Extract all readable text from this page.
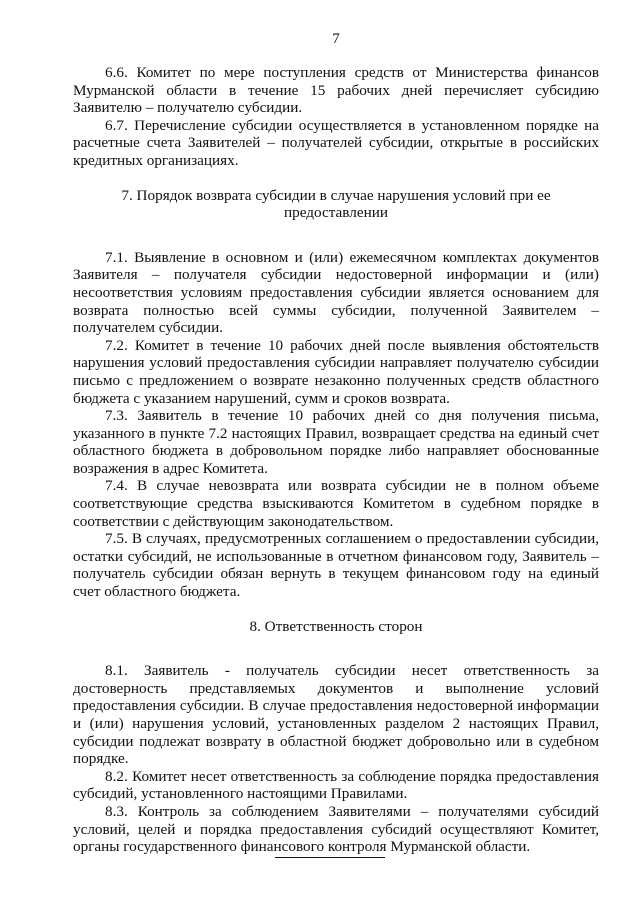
7

6.6. Комитет по мере поступления средств от Министерства финансов Мурманской области в течение 15 рабочих дней перечисляет субсидию Заявителю – получателю субсидии.

6.7. Перечисление субсидии осуществляется в установленном порядке на расчетные счета Заявителей – получателей субсидии, открытые в российских кредитных организациях.

7. Порядок возврата субсидии в случае нарушения условий при ее предоставлении

7.1. Выявление в основном и (или) ежемесячном комплектах документов Заявителя – получателя субсидии недостоверной информации и (или) несоответствия условиям предоставления субсидии является основанием для возврата полностью всей суммы субсидии, полученной Заявителем – получателем субсидии.

7.2. Комитет в течение 10 рабочих дней после выявления обстоятельств нарушения условий предоставления субсидии направляет получателю субсидии письмо с предложением о возврате незаконно полученных средств областного бюджета с указанием нарушений, сумм и сроков возврата.

7.3. Заявитель в течение 10 рабочих дней со дня получения письма, указанного в пункте 7.2 настоящих Правил, возвращает средства на единый счет областного бюджета в добровольном порядке либо направляет обоснованные возражения в адрес Комитета.

7.4. В случае невозврата или возврата субсидии не в полном объеме соответствующие средства взыскиваются Комитетом в судебном порядке в соответствии с действующим законодательством.

7.5. В случаях, предусмотренных соглашением о предоставлении субсидии, остатки субсидий, не использованные в отчетном финансовом году, Заявитель – получатель субсидии обязан вернуть в текущем финансовом году на единый счет областного бюджета.

8. Ответственность сторон

8.1. Заявитель - получатель субсидии несет ответственность за достоверность представляемых документов и выполнение условий предоставления субсидии. В случае предоставления недостоверной информации и (или) нарушения условий, установленных разделом 2 настоящих Правил, субсидии подлежат возврату в областной бюджет добровольно или в судебном порядке.

8.2. Комитет несет ответственность за соблюдение порядка предоставления субсидий, установленного настоящими Правилами.

8.3. Контроль за соблюдением Заявителями – получателями субсидий условий, целей и порядка предоставления субсидий осуществляют Комитет, органы государственного финансового контроля Мурманской области.
